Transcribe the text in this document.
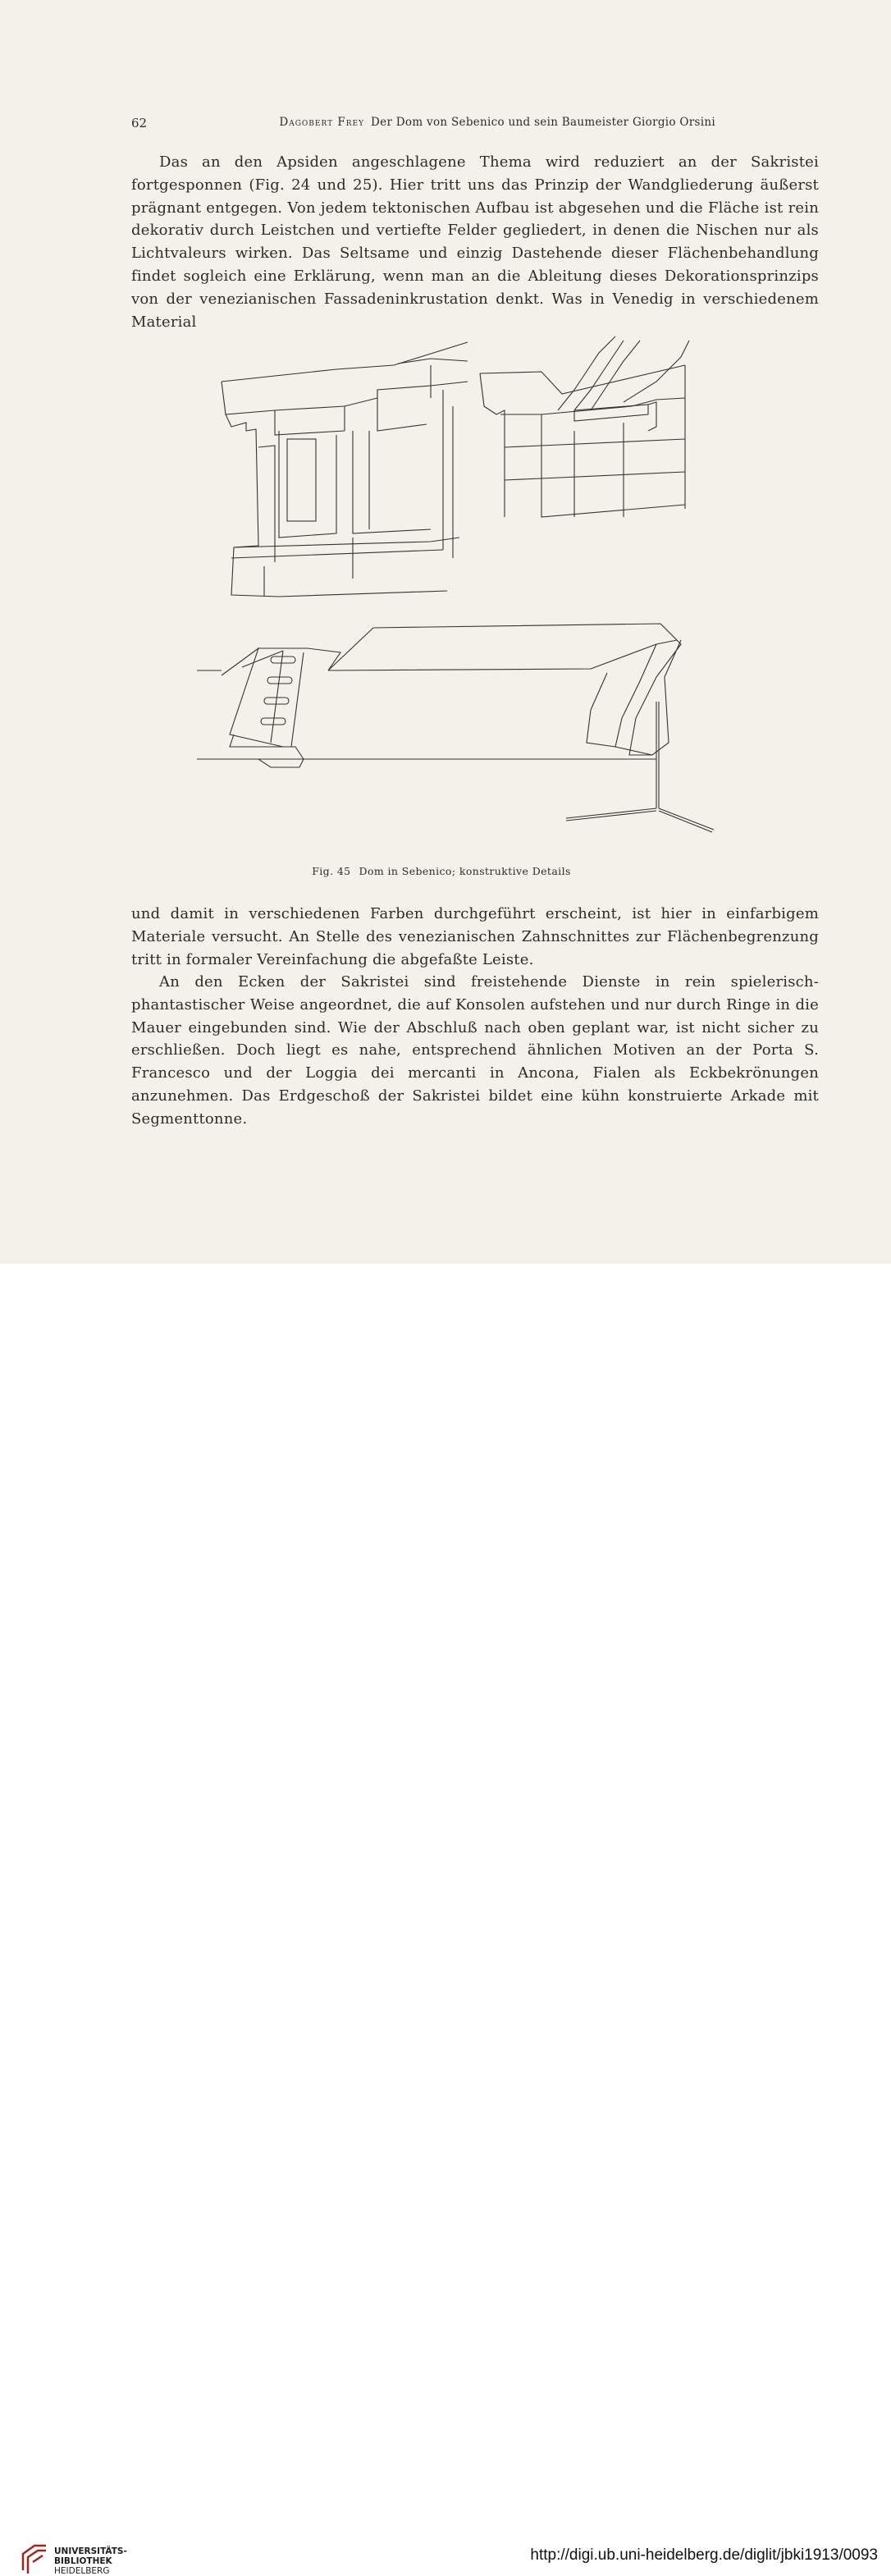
62	Dagobert Frey Der Dom von Sebenico und sein Baumeister Giorgio Orsini

Das an den Apsiden angeschlagene Thema wird reduziert an der Sakristei fortgesponnen (Fig. 24 und 25). Hier tritt uns das Prinzip der Wandgliederung äußerst prägnant entgegen. Von jedem tektonischen Aufbau ist abgesehen und die Fläche ist rein dekorativ durch Leistchen und vertiefte Felder gegliedert, in denen die Nischen nur als Lichtvaleurs wirken. Das Seltsame und einzig Dastehende dieser Flächenbehandlung findet sogleich eine Erklärung, wenn man an die Ableitung dieses Dekorationsprinzips von der venezianischen Fassadeninkrustation denkt. Was in Venedig in verschiedenem Material

Fig. 45 Dom in Sebenico; konstruktive Details

und damit in verschiedenen Farben durchgeführt erscheint, ist hier in einfarbigem Materiale versucht. An Stelle des venezianischen Zahnschnittes zur Flächenbegrenzung tritt in formaler Vereinfachung die abgefaßte Leiste.

An den Ecken der Sakristei sind freistehende Dienste in rein spielerisch-phantastischer Weise angeordnet, die auf Konsolen aufstehen und nur durch Ringe in die Mauer eingebunden sind. Wie der Abschluß nach oben geplant war, ist nicht sicher zu erschließen. Doch liegt es nahe, entsprechend ähnlichen Motiven an der Porta S. Francesco und der Loggia dei mercanti in Ancona, Fialen als Eckbekrönungen anzunehmen. Das Erdgeschoß der Sakristei bildet eine kühn konstruierte Arkade mit Segmenttonne.

UNIVERSITÄTS-
BIBLIOTHEK
HEIDELBERG
http://digi.ub.uni-heidelberg.de/diglit/jbki1913/0093
